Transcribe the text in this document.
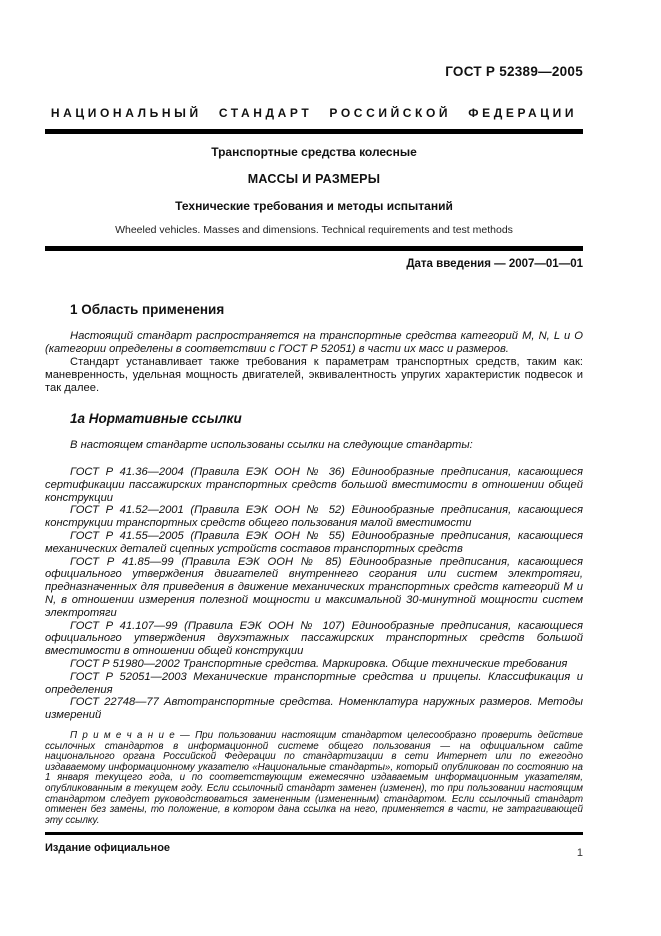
ГОСТ Р 52389—2005
НАЦИОНАЛЬНЫЙ СТАНДАРТ РОССИЙСКОЙ ФЕДЕРАЦИИ
Транспортные средства колесные
МАССЫ И РАЗМЕРЫ
Технические требования и методы испытаний
Wheeled vehicles. Masses and dimensions. Technical requirements and test methods
Дата введения — 2007—01—01
1 Область применения

Настоящий стандарт распространяется на транспортные средства категорий M, N, L и O (категории определены в соответствии с ГОСТ Р 52051) в части их масс и размеров.

Стандарт устанавливает также требования к параметрам транспортных средств, таким как: маневренность, удельная мощность двигателей, эквивалентность упругих характеристик подвесок и так далее.

1а Нормативные ссылки

В настоящем стандарте использованы ссылки на следующие стандарты:

ГОСТ Р 41.36—2004 (Правила ЕЭК ООН № 36) Единообразные предписания, касающиеся сертификации пассажирских транспортных средств большой вместимости в отношении общей конструкции

ГОСТ Р 41.52—2001 (Правила ЕЭК ООН № 52) Единообразные предписания, касающиеся конструкции транспортных средств общего пользования малой вместимости

ГОСТ Р 41.55—2005 (Правила ЕЭК ООН № 55) Единообразные предписания, касающиеся механических деталей сцепных устройств составов транспортных средств

ГОСТ Р 41.85—99 (Правила ЕЭК ООН № 85) Единообразные предписания, касающиеся официального утверждения двигателей внутреннего сгорания или систем электротяги, предназначенных для приведения в движение механических транспортных средств категорий M и N, в отношении измерения полезной мощности и максимальной 30-минутной мощности систем электротяги

ГОСТ Р 41.107—99 (Правила ЕЭК ООН № 107) Единообразные предписания, касающиеся официального утверждения двухэтажных пассажирских транспортных средств большой вместимости в отношении общей конструкции

ГОСТ Р 51980—2002 Транспортные средства. Маркировка. Общие технические требования

ГОСТ Р 52051—2003 Механические транспортные средства и прицепы. Классификация и определения

ГОСТ 22748—77 Автотранспортные средства. Номенклатура наружных размеров. Методы измерений

П р и м е ч а н и е — При пользовании настоящим стандартом целесообразно проверить действие ссылочных стандартов в информационной системе общего пользования — на официальном сайте национального органа Российской Федерации по стандартизации в сети Интернет или по ежегодно издаваемому информационному указателю «Национальные стандарты», который опубликован по состоянию на 1 января текущего года, и по соответствующим ежемесячно издаваемым информационным указателям, опубликованным в текущем году. Если ссылочный стандарт заменен (изменен), то при пользовании настоящим стандартом следует руководствоваться замененным (измененным) стандартом. Если ссылочный стандарт отменен без замены, то положение, в котором дана ссылка на него, применяется в части, не затрагивающей эту ссылку.

Издание официальное	1
